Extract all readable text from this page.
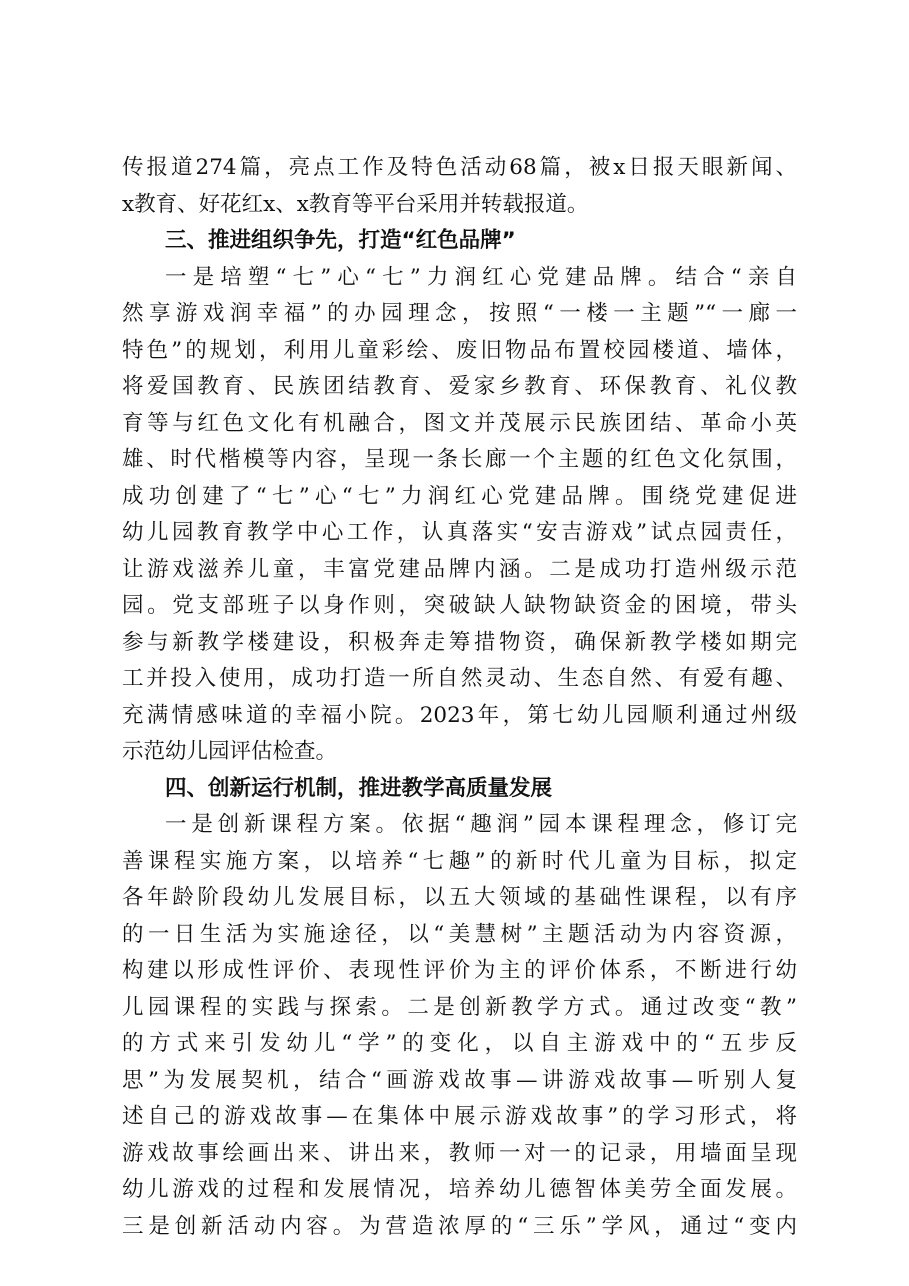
传报道274篇，亮点工作及特色活动68篇，被x日报天眼新闻、
x教育、好花红x、x教育等平台采用并转载报道。
三、推进组织争先，打造“红色品牌”
一是培塑“七”心“七”力润红心党建品牌。结合“亲自
然享游戏润幸福”的办园理念，按照“一楼一主题”“一廊一
特色”的规划，利用儿童彩绘、废旧物品布置校园楼道、墙体，
将爱国教育、民族团结教育、爱家乡教育、环保教育、礼仪教
育等与红色文化有机融合，图文并茂展示民族团结、革命小英
雄、时代楷模等内容，呈现一条长廊一个主题的红色文化氛围，
成功创建了“七”心“七”力润红心党建品牌。围绕党建促进
幼儿园教育教学中心工作，认真落实“安吉游戏”试点园责任，
让游戏滋养儿童，丰富党建品牌内涵。二是成功打造州级示范
园。党支部班子以身作则，突破缺人缺物缺资金的困境，带头
参与新教学楼建设，积极奔走筹措物资，确保新教学楼如期完
工并投入使用，成功打造一所自然灵动、生态自然、有爱有趣、
充满情感味道的幸福小院。2023年，第七幼儿园顺利通过州级
示范幼儿园评估检查。
四、创新运行机制，推进教学高质量发展
一是创新课程方案。依据“趣润”园本课程理念，修订完
善课程实施方案，以培养“七趣”的新时代儿童为目标，拟定
各年龄阶段幼儿发展目标，以五大领域的基础性课程，以有序
的一日生活为实施途径，以“美慧树”主题活动为内容资源，
构建以形成性评价、表现性评价为主的评价体系，不断进行幼
儿园课程的实践与探索。二是创新教学方式。通过改变“教”
的方式来引发幼儿“学”的变化，以自主游戏中的“五步反
思”为发展契机，结合“画游戏故事—讲游戏故事—听别人复
述自己的游戏故事—在集体中展示游戏故事”的学习形式，将
游戏故事绘画出来、讲出来，教师一对一的记录，用墙面呈现
幼儿游戏的过程和发展情况，培养幼儿德智体美劳全面发展。
三是创新活动内容。为营造浓厚的“三乐”学风，通过“变内
